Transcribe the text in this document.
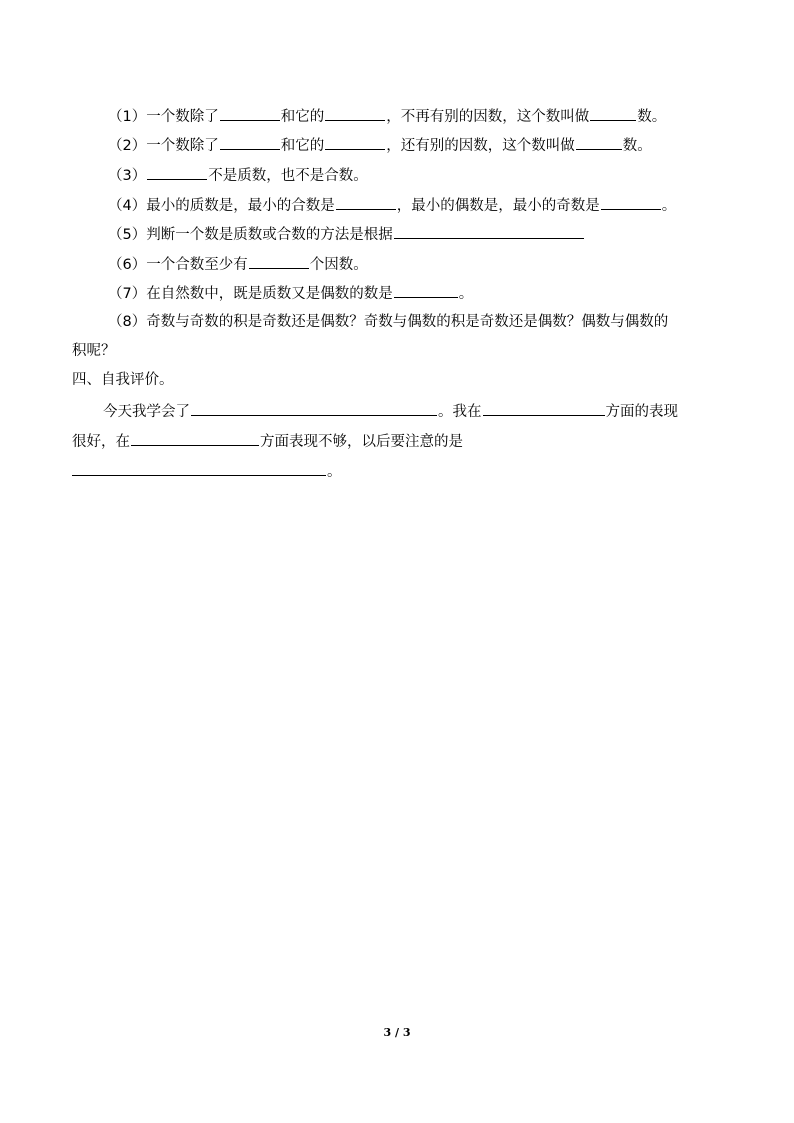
（1）一个数除了	和它的	，不再有别的因数，这个数叫做	数。
（2）一个数除了	和它的	，还有别的因数，这个数叫做	数。
（3）	不是质数，也不是合数。
（4）最小的质数是，最小的合数是	，最小的偶数是，最小的奇数是	。
（5）判断一个数是质数或合数的方法是根据
（6）一个合数至少有	个因数。
（7）在自然数中，既是质数又是偶数的数是	。
（8）奇数与奇数的积是奇数还是偶数？奇数与偶数的积是奇数还是偶数？偶数与偶数的
积呢？
四、自我评价。
今天我学会了	。我在	方面的表现
很好，在	方面表现不够，以后要注意的是
。
3 / 3
